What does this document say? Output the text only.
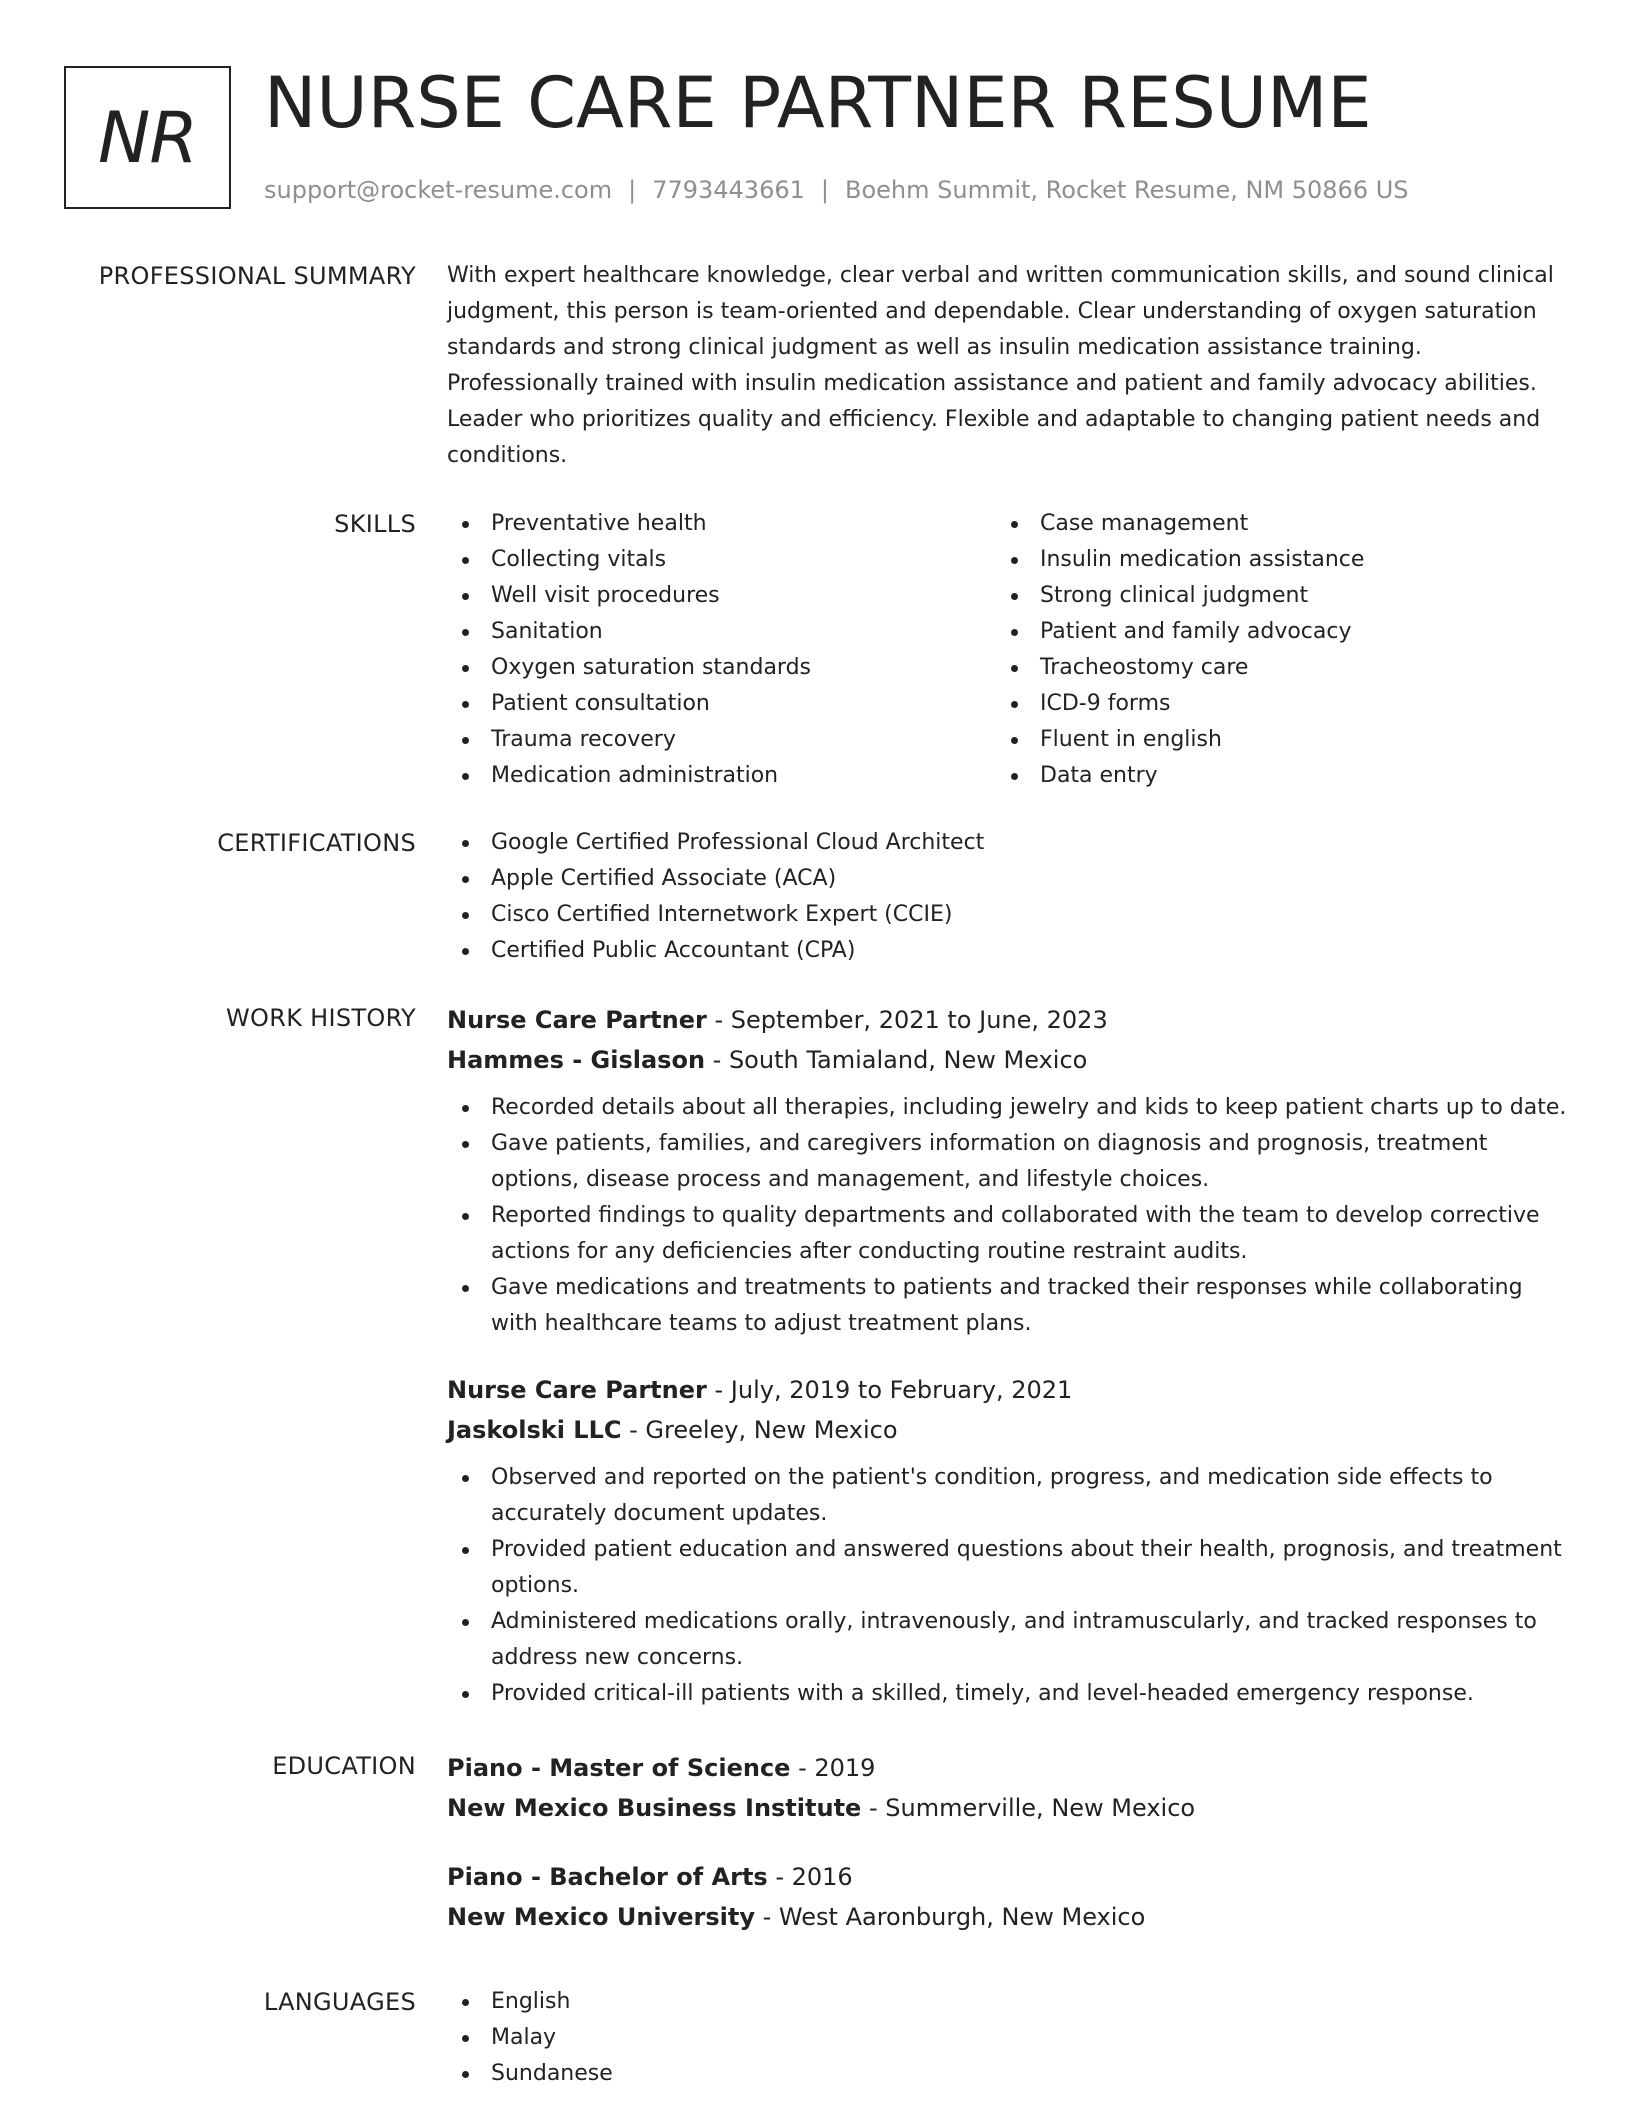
NR NURSE CARE PARTNER RESUME
support@rocket-resume.com | 7793443661 | Boehm Summit, Rocket Resume, NM 50866 US
PROFESSIONAL SUMMARY With expert healthcare knowledge, clear verbal and written communication skills, and sound clinical
judgment, this person is team-oriented and dependable. Clear understanding of oxygen saturation
standards and strong clinical judgment as well as insulin medication assistance training.
Professionally trained with insulin medication assistance and patient and family advocacy abilities.
Leader who prioritizes quality and efficiency. Flexible and adaptable to changing patient needs and
conditions.
SKILLS	Preventative health
Collecting vitals
Well visit procedures
Sanitation
Oxygen saturation standards
Patient consultation
Trauma recovery
Medication administration
Case management
Insulin medication assistance
Strong clinical judgment
Patient and family advocacy
Tracheostomy care
ICD-9 forms
Fluent in english
Data entry
CERTIFICATIONS	Google Certified Professional Cloud Architect
Apple Certified Associate (ACA)
Cisco Certified Internetwork Expert (CCIE)
Certified Public Accountant (CPA)
WORK HISTORY Nurse Care Partner - September, 2021 to June, 2023
Hammes - Gislason - South Tamialand, New Mexico
Recorded details about all therapies, including jewelry and kids to keep patient charts up to date.
Gave patients, families, and caregivers information on diagnosis and prognosis, treatment
options, disease process and management, and lifestyle choices.
Reported findings to quality departments and collaborated with the team to develop corrective
actions for any deficiencies after conducting routine restraint audits.
Gave medications and treatments to patients and tracked their responses while collaborating
with healthcare teams to adjust treatment plans.
Nurse Care Partner - July, 2019 to February, 2021
Jaskolski LLC - Greeley, New Mexico
Observed and reported on the patient's condition, progress, and medication side effects to
accurately document updates.
Provided patient education and answered questions about their health, prognosis, and treatment
options.
Administered medications orally, intravenously, and intramuscularly, and tracked responses to
address new concerns.
Provided critical-ill patients with a skilled, timely, and level-headed emergency response.
EDUCATION Piano - Master of Science - 2019
New Mexico Business Institute - Summerville, New Mexico
Piano - Bachelor of Arts - 2016
New Mexico University - West Aaronburgh, New Mexico
LANGUAGES	English
Malay
Sundanese
